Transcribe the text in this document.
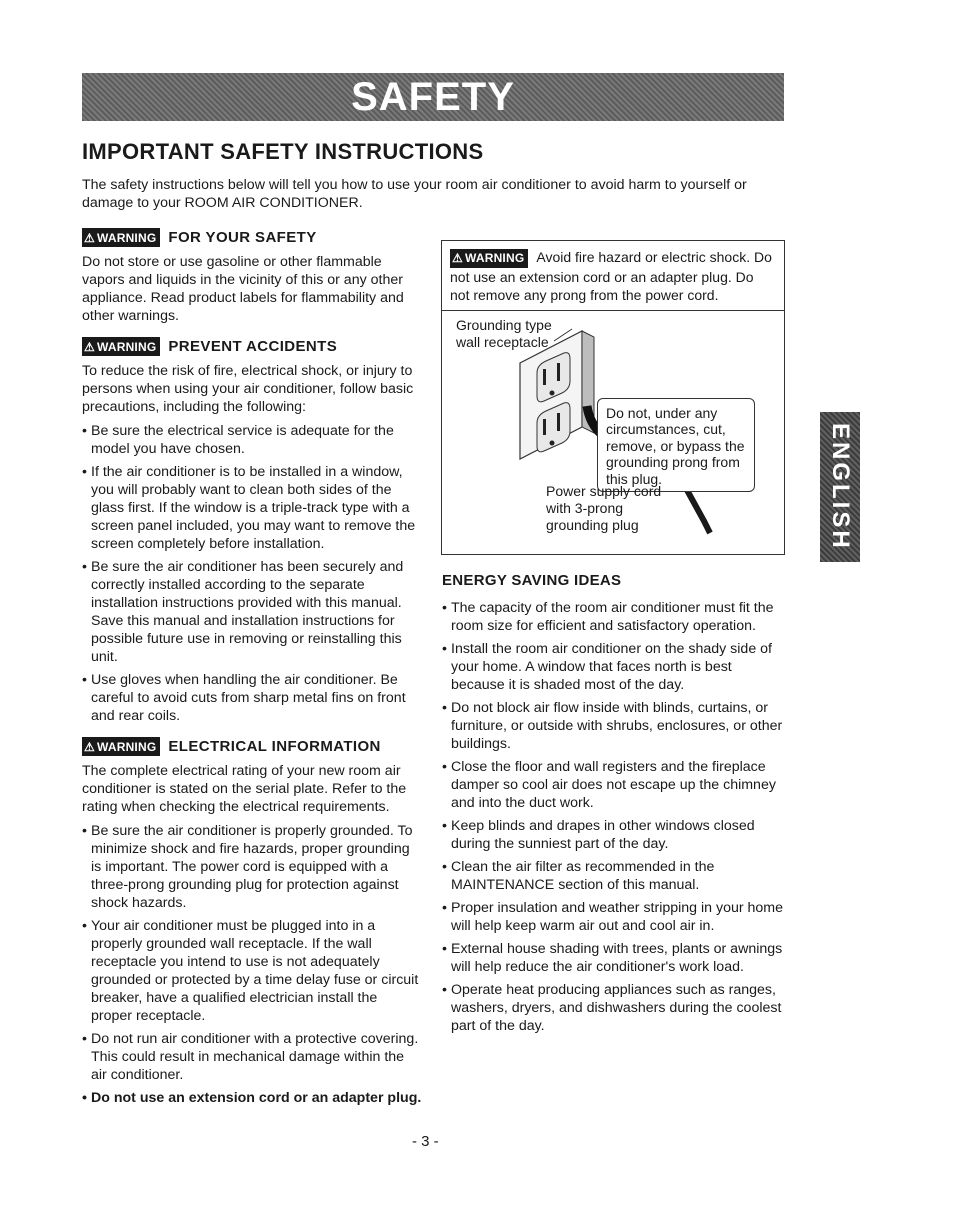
SAFETY
IMPORTANT SAFETY INSTRUCTIONS
The safety instructions below will tell you how to use your room air conditioner to avoid harm to yourself or damage to your ROOM AIR CONDITIONER.
⚠ WARNING FOR YOUR SAFETY

Do not store or use gasoline or other flammable vapors and liquids in the vicinity of this or any other appliance. Read product labels for flammability and other warnings.

⚠ WARNING PREVENT ACCIDENTS

To reduce the risk of fire, electrical shock, or injury to persons when using your air conditioner, follow basic precautions, including the following:

• Be sure the electrical service is adequate for the model you have chosen.
• If the air conditioner is to be installed in a window, you will probably want to clean both sides of the glass first. If the window is a triple-track type with a screen panel included, you may want to remove the screen completely before installation.
• Be sure the air conditioner has been securely and correctly installed according to the separate installation instructions provided with this manual. Save this manual and installation instructions for possible future use in removing or reinstalling this unit.
• Use gloves when handling the air conditioner. Be careful to avoid cuts from sharp metal fins on front and rear coils.
⚠ WARNING ELECTRICAL INFORMATION

The complete electrical rating of your new room air conditioner is stated on the serial plate. Refer to the rating when checking the electrical requirements.

• Be sure the air conditioner is properly grounded. To minimize shock and fire hazards, proper grounding is important. The power cord is equipped with a three-prong grounding plug for protection against shock hazards.
• Your air conditioner must be plugged into in a properly grounded wall receptacle. If the wall receptacle you intend to use is not adequately grounded or protected by a time delay fuse or circuit breaker, have a qualified electrician install the proper receptacle.
• Do not run air conditioner with a protective covering. This could result in mechanical damage within the air conditioner.
• Do not use an extension cord or an adapter plug.
⚠ WARNING Avoid fire hazard or electric shock. Do not use an extension cord or an adapter plug. Do not remove any prong from the power cord.
Grounding type
wall receptacle
Do not, under any circumstances, cut, remove, or bypass the grounding prong from this plug.
Power supply cord
with 3-prong
grounding plug
ENERGY SAVING IDEAS
• The capacity of the room air conditioner must fit the room size for efficient and satisfactory operation.
• Install the room air conditioner on the shady side of your home. A window that faces north is best because it is shaded most of the day.
• Do not block air flow inside with blinds, curtains, or furniture, or outside with shrubs, enclosures, or other buildings.
• Close the floor and wall registers and the fireplace damper so cool air does not escape up the chimney and into the duct work.
• Keep blinds and drapes in other windows closed during the sunniest part of the day.
• Clean the air filter as recommended in the MAINTENANCE section of this manual.
• Proper insulation and weather stripping in your home will help keep warm air out and cool air in.
• External house shading with trees, plants or awnings will help reduce the air conditioner's work load.
• Operate heat producing appliances such as ranges, washers, dryers, and dishwashers during the coolest part of the day.
ENGLISH
- 3 -
